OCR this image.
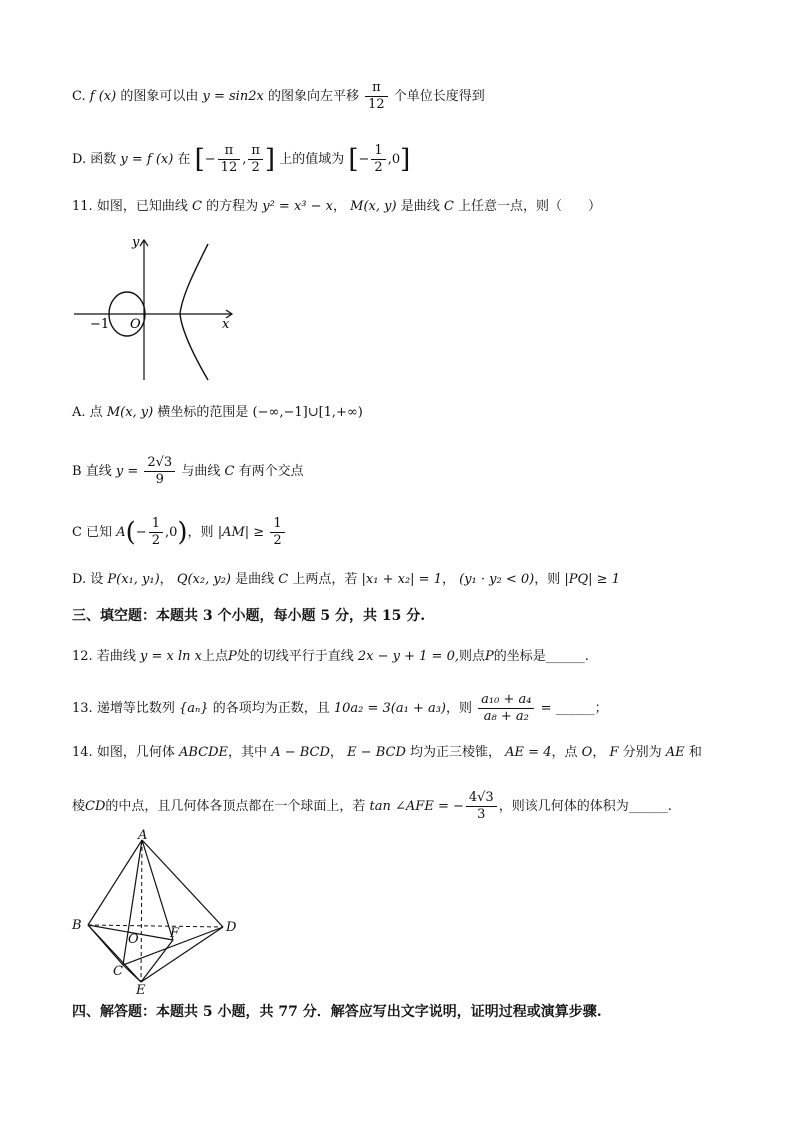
C. f (x) 的图象可以由 y = sin2x 的图象向左平移 $\frac{\pi}{12}$ 个单位长度得到
D. 函数 y = f (x) 在 [− $\frac{\pi}{12}$ , $\frac{\pi}{2}$ ] 上的值域为 [− $\frac{1}{2} ,0$]
11. 如图，已知曲线 C 的方程为 y² = x³ − x， M(x, y) 是曲线 C 上任意一点，则（　　）
y
x
−1 O
A. 点 M(x, y) 横坐标的范围是 (−∞,−1]∪[1,+∞)
B 直线 $y = \frac{2√3}{9}$ 与曲线 C 有两个交点
C 已知 $A(- \frac{1}{2} ,0)$，则 $|AM| \ge \frac{1}{2}$
D. 设 P(x₁, y₁)， Q(x₂, y₂) 是曲线 C 上两点，若 |x₁ + x₂| = 1， (y₁ · y₂ < 0)，则 |PQ| ≥ 1
三、填空题：本题共 3 个小题，每小题 5 分，共 15 分.
12. 若曲线 y = x ln x上点P处的切线平行于直线 2x − y + 1 = 0,则点P的坐标是______.
13. 递增等比数列 {aₙ} 的各项均为正数，且 10a₂ = 3(a₁ + a₃)，则 $\frac{\text{a₁₀ + a₄}}{\text{a₈ + a₂}}$ = ______；
14. 如图，几何体 ABCDE，其中 A − BCD， E − BCD 均为正三棱锥， AE = 4，点 O， F 分别为 AE 和
棱CD的中点，且几何体各顶点都在一个球面上，若 tan ∠AFE = − $\frac{4√3}{3}$ ，则该几何体的体积为______.
A
B
C
D
E
O F
四、解答题：本题共 5 小题，共 77 分．解答应写出文字说明，证明过程或演算步骤.
